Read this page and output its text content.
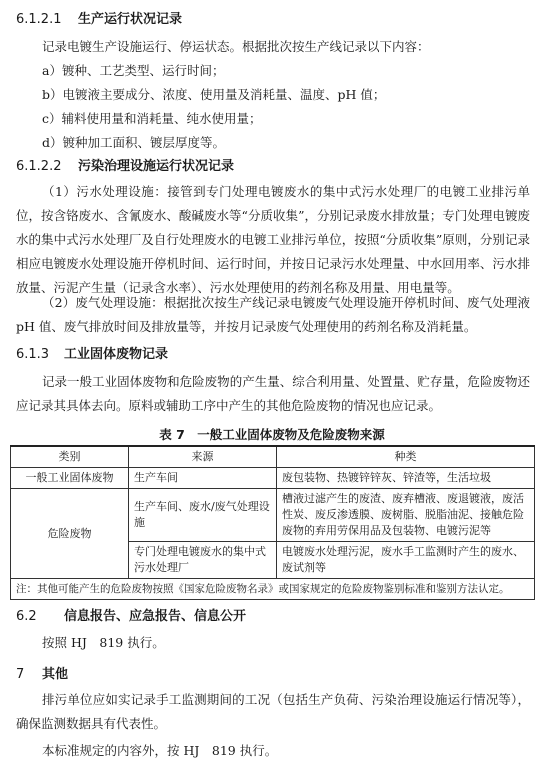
6.1.2.1 生产运行状况记录
记录电镀生产设施运行、停运状态。根据批次按生产线记录以下内容：
a）镀种、工艺类型、运行时间；
b）电镀液主要成分、浓度、使用量及消耗量、温度、pH 值；
c）辅料使用量和消耗量、纯水使用量；
d）镀种加工面积、镀层厚度等。
6.1.2.2 污染治理设施运行状况记录
（1）污水处理设施：接管到专门处理电镀废水的集中式污水处理厂的电镀工业排污单位，按含铬废水、含氰废水、酸碱废水等“分质收集”，分别记录废水排放量；专门处理电镀废水的集中式污水处理厂及自行处理废水的电镀工业排污单位，按照“分质收集”原则，分别记录相应电镀废水处理设施开停机时间、运行时间，并按日记录污水处理量、中水回用率、污水排放量、污泥产生量（记录含水率）、污水处理使用的药剂名称及用量、用电量等。
（2）废气处理设施：根据批次按生产线记录电镀废气处理设施开停机时间、废气处理液 pH 值、废气排放时间及排放量等，并按月记录废气处理使用的药剂名称及消耗量。
6.1.3 工业固体废物记录
记录一般工业固体废物和危险废物的产生量、综合利用量、处置量、贮存量，危险废物还应记录其具体去向。原料或辅助工序中产生的其他危险废物的情况也应记录。
表 7　一般工业固体废物及危险废物来源
类别	来源	种类
一般工业固体废物	生产车间	废包装物、热镀锌锌灰、锌渣等，生活垃圾
危险废物	生产车间、废水/废气处理设施	槽液过滤产生的废渣、废弃槽液、废退镀液，废活性炭、废反渗透膜、废树脂、脱脂油泥、接触危险废物的弃用劳保用品及包装物、电镀污泥等
	专门处理电镀废水的集中式污水处理厂	电镀废水处理污泥，废水手工监测时产生的废水、废试剂等
注：其他可能产生的危险废物按照《国家危险废物名录》或国家规定的危险废物鉴别标准和鉴别方法认定。		
6.2 信息报告、应急报告、信息公开
按照 HJ　819 执行。
7 其他
排污单位应如实记录手工监测期间的工况（包括生产负荷、污染治理设施运行情况等），确保监测数据具有代表性。
本标准规定的内容外，按 HJ　819 执行。
